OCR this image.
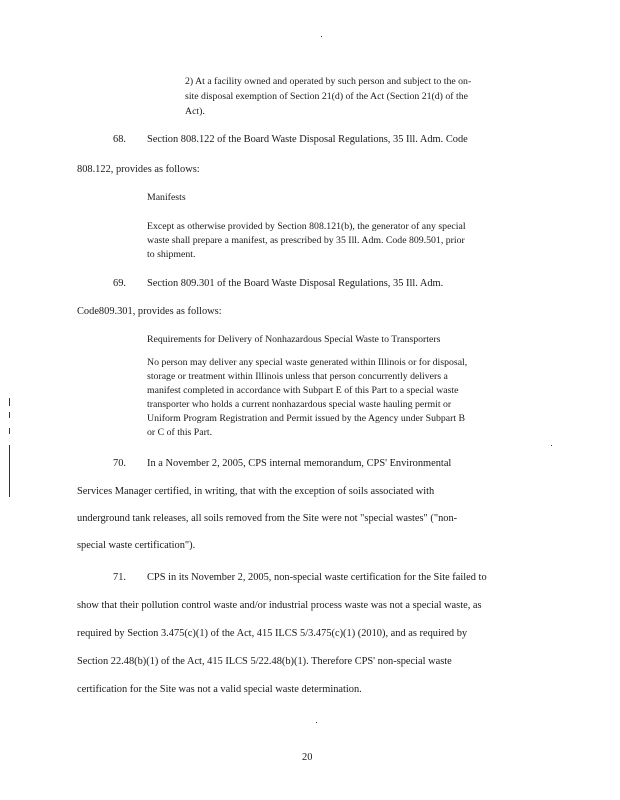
2) At a facility owned and operated by such person and subject to the on-
site disposal exemption of Section 21(d) of the Act (Section 21(d) of the
Act).
68. Section 808.122 of the Board Waste Disposal Regulations, 35 Ill. Adm. Code
808.122, provides as follows:
Manifests
Except as otherwise provided by Section 808.121(b), the generator of any special
waste shall prepare a manifest, as prescribed by 35 Ill. Adm. Code 809.501, prior
to shipment.
69. Section 809.301 of the Board Waste Disposal Regulations, 35 Ill. Adm.
Code809.301, provides as follows:
Requirements for Delivery of Nonhazardous Special Waste to Transporters
No person may deliver any special waste generated within Illinois or for disposal,
storage or treatment within Illinois unless that person concurrently delivers a
manifest completed in accordance with Subpart E of this Part to a special waste
transporter who holds a current nonhazardous special waste hauling permit or
Uniform Program Registration and Permit issued by the Agency under Subpart B
or C of this Part.
70. In a November 2, 2005, CPS internal memorandum, CPS' Environmental
Services Manager certified, in writing, that with the exception of soils associated with
underground tank releases, all soils removed from the Site were not "special wastes" ("non-
special waste certification").
71. CPS in its November 2, 2005, non-special waste certification for the Site failed to
show that their pollution control waste and/or industrial process waste was not a special waste, as
required by Section 3.475(c)(1) of the Act, 415 ILCS 5/3.475(c)(1) (2010), and as required by
Section 22.48(b)(1) of the Act, 415 ILCS 5/22.48(b)(1). Therefore CPS' non-special waste
certification for the Site was not a valid special waste determination.
20
